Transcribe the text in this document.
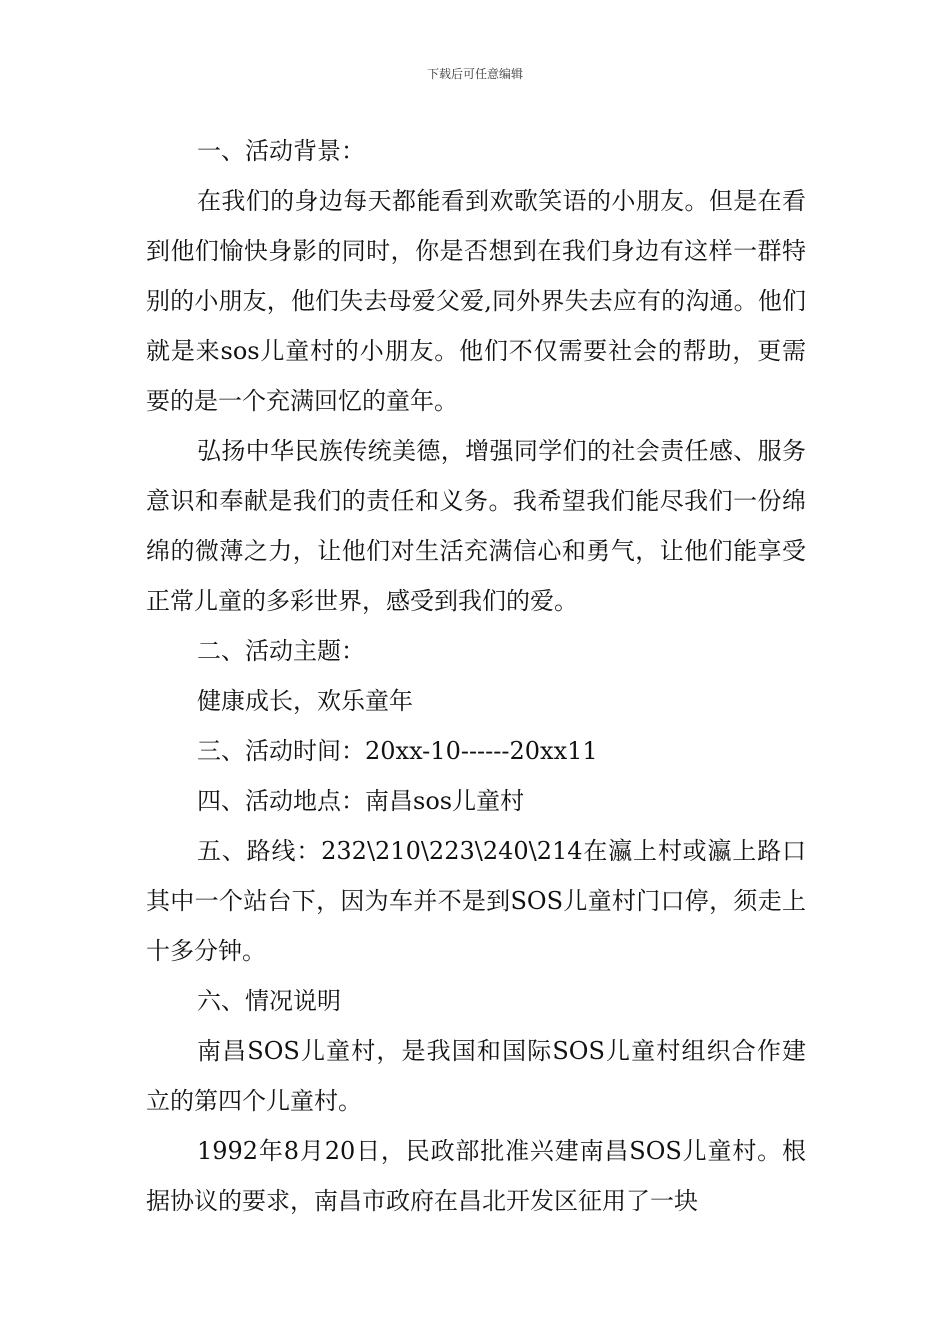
下载后可任意编辑

一、活动背景：

在我们的身边每天都能看到欢歌笑语的小朋友。但是在看到他们愉快身影的同时，你是否想到在我们身边有这样一群特别的小朋友，他们失去母爱父爱,同外界失去应有的沟通。他们就是来sos儿童村的小朋友。他们不仅需要社会的帮助，更需要的是一个充满回忆的童年。

弘扬中华民族传统美德，增强同学们的社会责任感、服务意识和奉献是我们的责任和义务。我希望我们能尽我们一份绵绵的微薄之力，让他们对生活充满信心和勇气，让他们能享受正常儿童的多彩世界，感受到我们的爱。

二、活动主题：

健康成长，欢乐童年

三、活动时间：20xx-10------20xx11

四、活动地点：南昌sos儿童村

五、路线：232\210\223\240\214在瀛上村或瀛上路口其中一个站台下，因为车并不是到SOS儿童村门口停，须走上十多分钟。

六、情况说明

南昌SOS儿童村，是我国和国际SOS儿童村组织合作建立的第四个儿童村。

1992年8月20日，民政部批准兴建南昌SOS儿童村。根据协议的要求，南昌市政府在昌北开发区征用了一块
